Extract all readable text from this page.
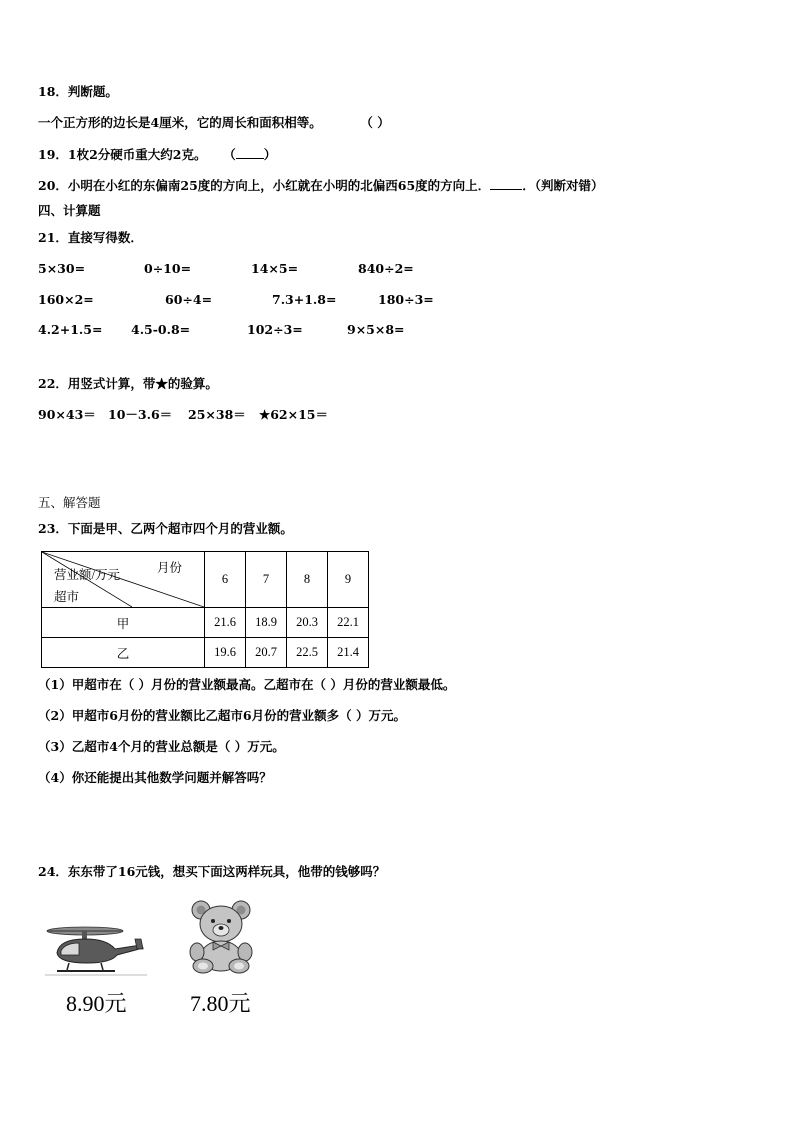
18．判断题。
一个正方形的边长是4厘米，它的周长和面积相等。	（ ）
19．1枚2分硬币重大约2克。 （ ）
20．小明在小红的东偏南25度的方向上，小红就在小明的北偏西65度的方向上．	．（判断对错）
四、计算题
21．直接写得数．
5×30=	0÷10=	14×5=	840÷2=
160×2=	60÷4=	7.3+1.8=	180÷3=
4.2+1.5= 4.5-0.8=	102÷3=	9×5×8=
22．用竖式计算，带★的验算。
90×43＝ 10－3.6＝ 25×38＝ ★62×15＝
五、解答题
23．下面是甲、乙两个超市四个月的营业额。
月份
营业额/万元
超市	6	7	8	9
甲	21.6	18.9	20.3	22.1
乙	19.6	20.7	22.5	21.4
（1）甲超市在（ ）月份的营业额最高。乙超市在（ ）月份的营业额最低。
（2）甲超市6月份的营业额比乙超市6月份的营业额多（ ）万元。
（3）乙超市4个月的营业总额是（ ）万元。
（4）你还能提出其他数学问题并解答吗？
24．东东带了16元钱，想买下面这两样玩具，他带的钱够吗？
8.90元	7.80元
